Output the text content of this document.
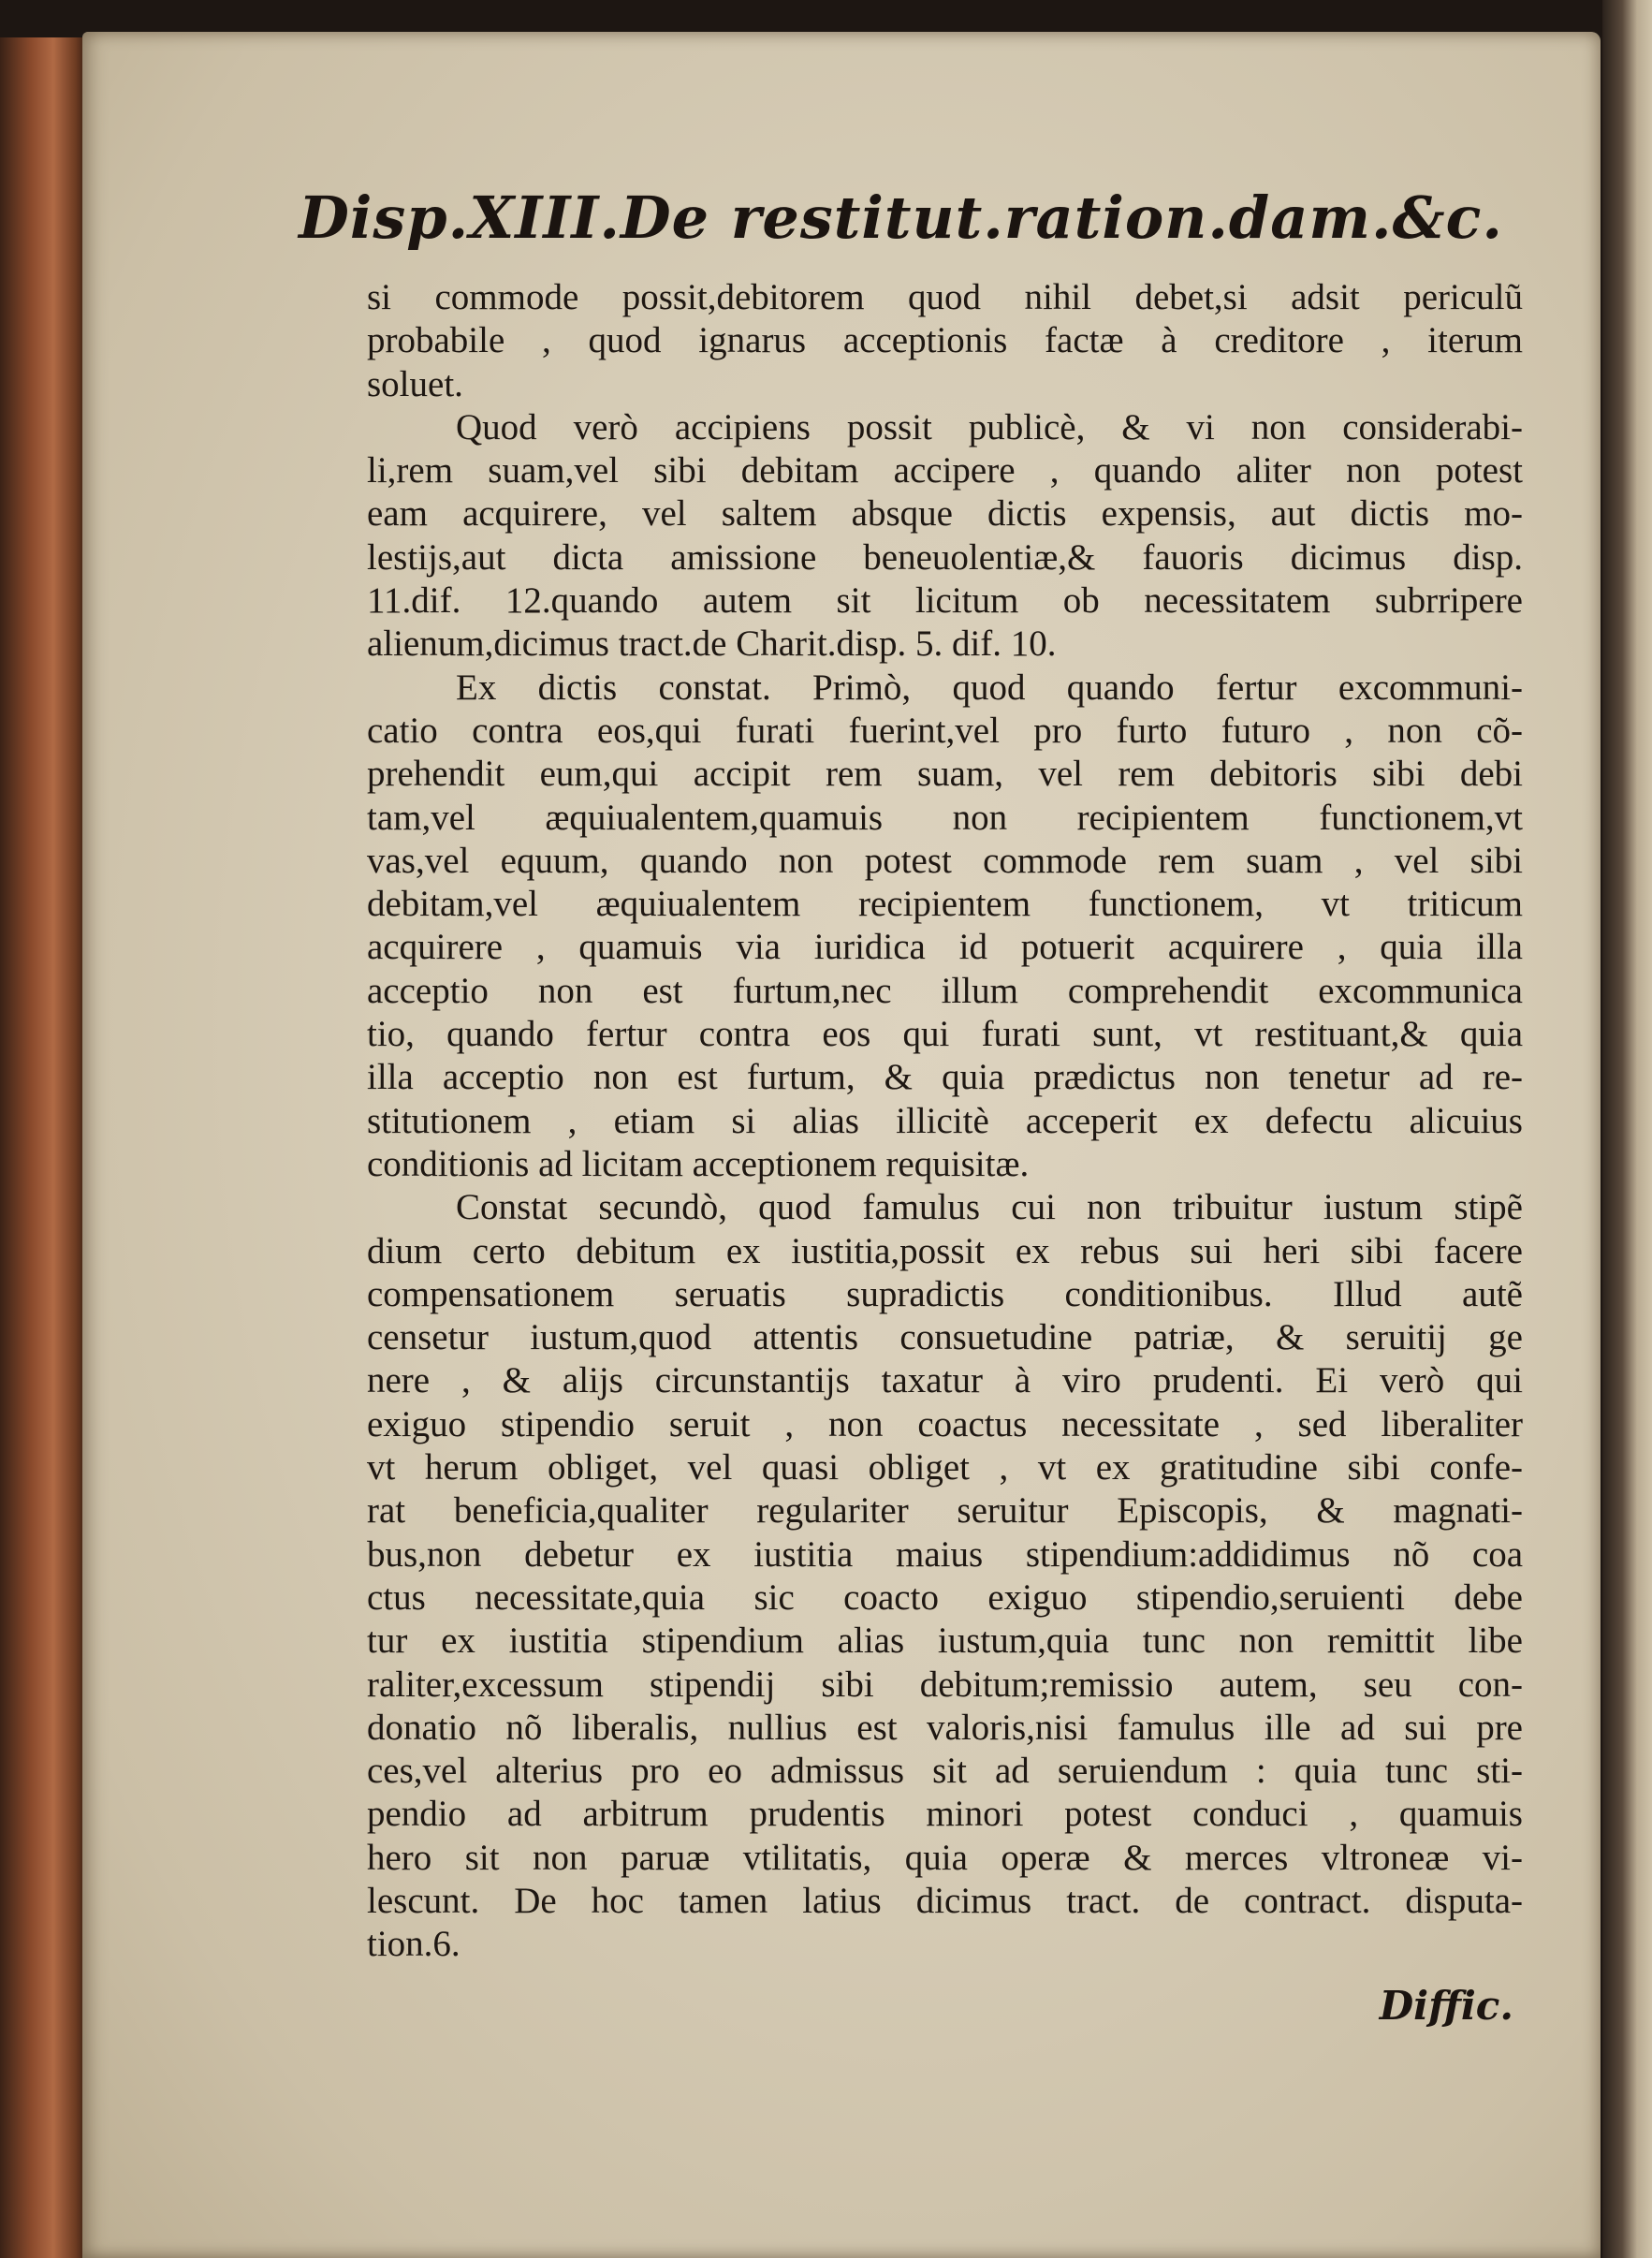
Disp.XIII.De restitut.ration.dam.&c.
si commode possit,debitorem quod nihil debet,si adsit periculũ
probabile , quod ignarus acceptionis factæ à creditore , iterum
soluet.
Quod verò accipiens possit publicè, & vi non considerabi-
li,rem suam,vel sibi debitam accipere , quando aliter non potest
eam acquirere, vel saltem absque dictis expensis, aut dictis mo-
lestijs,aut dicta amissione beneuolentiæ,& fauoris dicimus disp.
11.dif. 12.quando autem sit licitum ob necessitatem subrripere
alienum,dicimus tract.de Charit.disp. 5. dif. 10.
Ex dictis constat. Primò, quod quando fertur excommuni-
catio contra eos,qui furati fuerint,vel pro furto futuro , non cõ-
prehendit eum,qui accipit rem suam, vel rem debitoris sibi debi
tam,vel æquiualentem,quamuis non recipientem functionem,vt
vas,vel equum, quando non potest commode rem suam , vel sibi
debitam,vel æquiualentem recipientem functionem, vt triticum
acquirere , quamuis via iuridica id potuerit acquirere , quia illa
acceptio non est furtum,nec illum comprehendit excommunica
tio, quando fertur contra eos qui furati sunt, vt restituant,& quia
illa acceptio non est furtum, & quia prædictus non tenetur ad re-
stitutionem , etiam si alias illicitè acceperit ex defectu alicuius
conditionis ad licitam acceptionem requisitæ.
Constat secundò, quod famulus cui non tribuitur iustum stipẽ
dium certo debitum ex iustitia,possit ex rebus sui heri sibi facere
compensationem seruatis supradictis conditionibus. Illud autẽ
censetur iustum,quod attentis consuetudine patriæ, & seruitij ge
nere , & alijs circunstantijs taxatur à viro prudenti. Ei verò qui
exiguo stipendio seruit , non coactus necessitate , sed liberaliter
vt herum obliget, vel quasi obliget , vt ex gratitudine sibi confe-
rat beneficia,qualiter regulariter seruitur Episcopis, & magnati-
bus,non debetur ex iustitia maius stipendium:addidimus nõ coa
ctus necessitate,quia sic coacto exiguo stipendio,seruienti debe
tur ex iustitia stipendium alias iustum,quia tunc non remittit libe
raliter,excessum stipendij sibi debitum;remissio autem, seu con-
donatio nõ liberalis, nullius est valoris,nisi famulus ille ad sui pre
ces,vel alterius pro eo admissus sit ad seruiendum : quia tunc sti-
pendio ad arbitrum prudentis minori potest conduci , quamuis
hero sit non paruæ vtilitatis, quia operæ & merces vltroneæ vi-
lescunt. De hoc tamen latius dicimus tract. de contract. disputa-
tion.6.
Diffic.
